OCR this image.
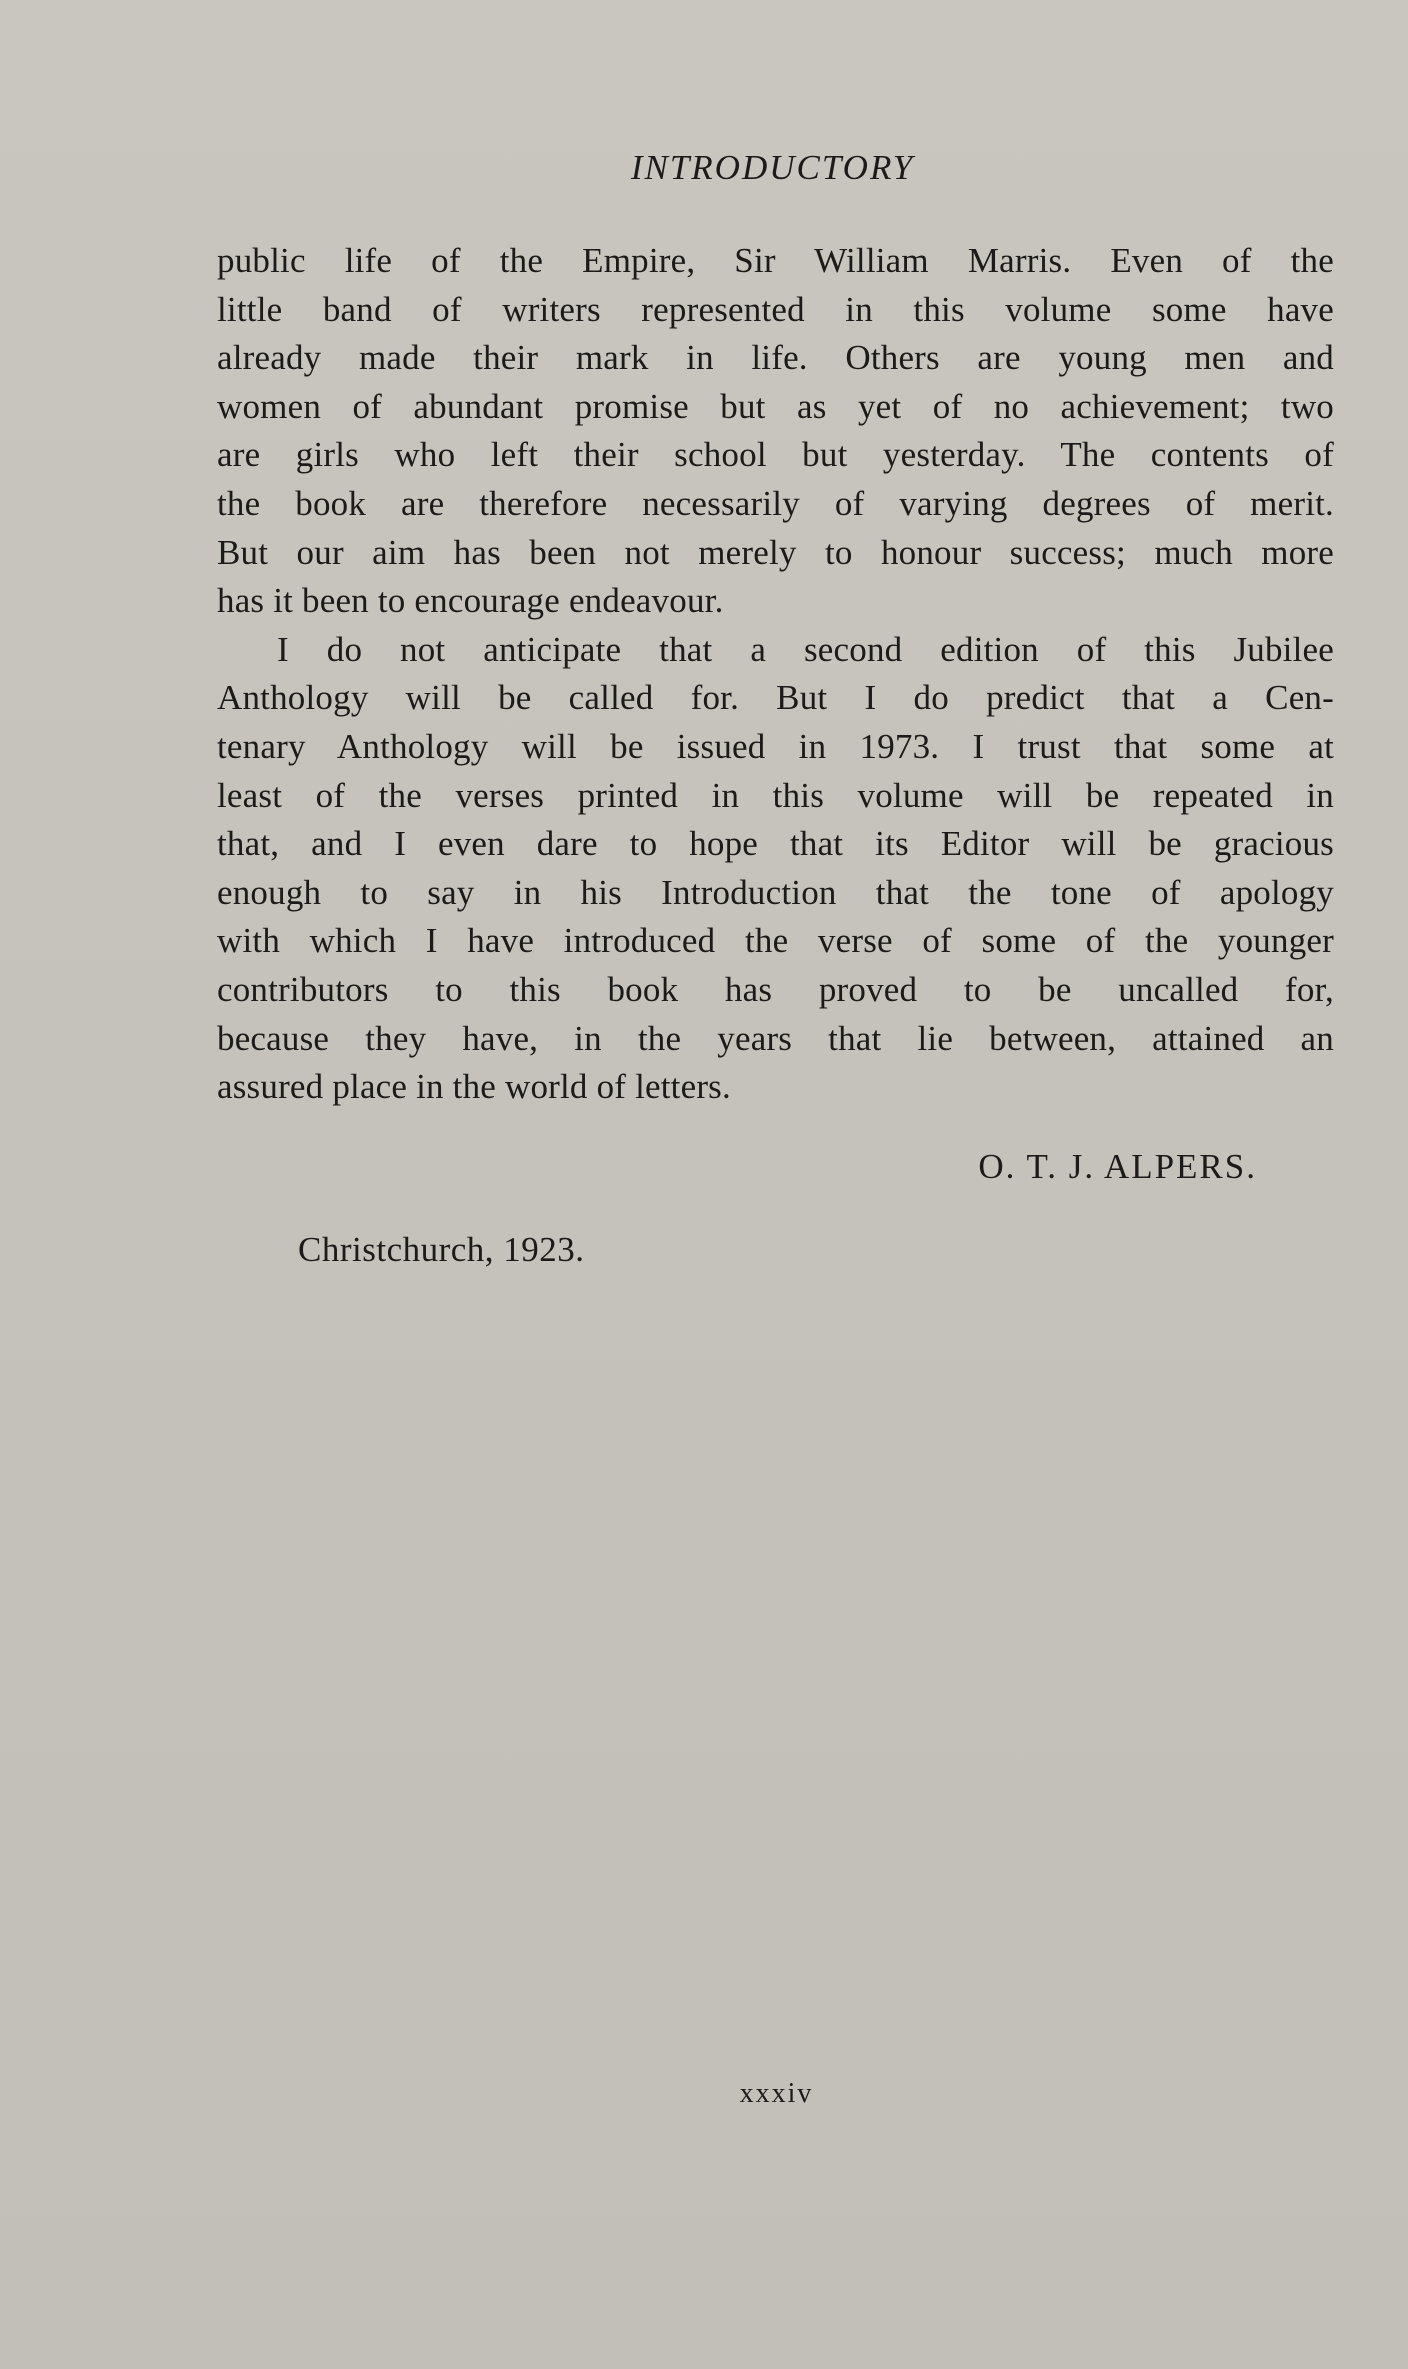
INTRODUCTORY
public life of the Empire, Sir William Marris. Even of the
little band of writers represented in this volume some have
already made their mark in life. Others are young men and
women of abundant promise but as yet of no achievement; two
are girls who left their school but yesterday. The contents of
the book are therefore necessarily of varying degrees of merit.
But our aim has been not merely to honour success; much more
has it been to encourage endeavour.
I do not anticipate that a second edition of this Jubilee
Anthology will be called for. But I do predict that a Cen-
tenary Anthology will be issued in 1973. I trust that some at
least of the verses printed in this volume will be repeated in
that, and I even dare to hope that its Editor will be gracious
enough to say in his Introduction that the tone of apology
with which I have introduced the verse of some of the younger
contributors to this book has proved to be uncalled for,
because they have, in the years that lie between, attained an
assured place in the world of letters.
O. T. J. ALPERS.
Christchurch, 1923.
xxxiv
